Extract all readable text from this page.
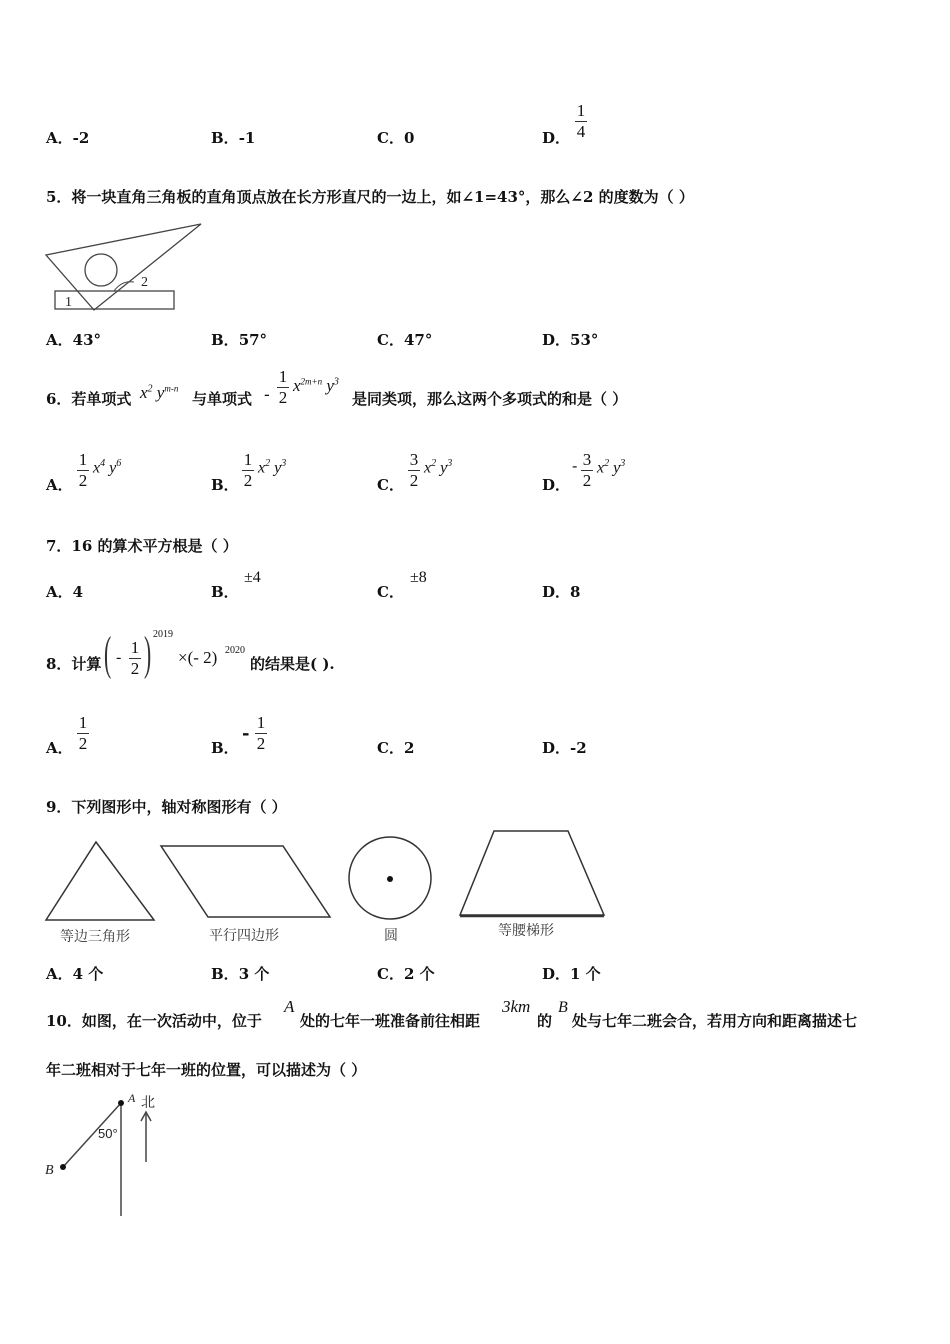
A．-2	B．-1	C．0	D．
1
4
5．将一块直角三角板的直角顶点放在长方形直尺的一边上，如∠1=43°，那么∠2 的度数为（ ）
2
1
A．43°	B．57°	C．47°	D．53°
6．若单项式 $x^2$ $y^{m-n}$
与单项式 -
1
2
$x^{2m+n}$ $y^3$
是同类项，那么这两个多项式的和是（ ）
A．
1
2
$x^4$ $y^6$
B．
1
2
$x^2$ $y^3$
C．
3
2
$x^2$ $y^3$
D．
- 3
2
$x^2$ $y^3$
7．16 的算术平方根是（ ）
A．4	B．
±4
C．
±8
D．8
8．计算 ( -
1
2 ) 2019
×(- 2) 2020
的结果是( ).
A．
1
2	B．
-
1
2	C．2	D．-2
9．下列图形中，轴对称图形有（ ）
等边三角形	平行四边形	圆	等腰梯形
A．4 个	B．3 个	C．2 个	D．1 个
10．如图，在一次活动中，位于
A
处的七年一班准备前往相距
3km
的
B
处与七年二班会合，若用方向和距离描述七
年二班相对于七年一班的位置，可以描述为（ ）
A 北
50°
B
